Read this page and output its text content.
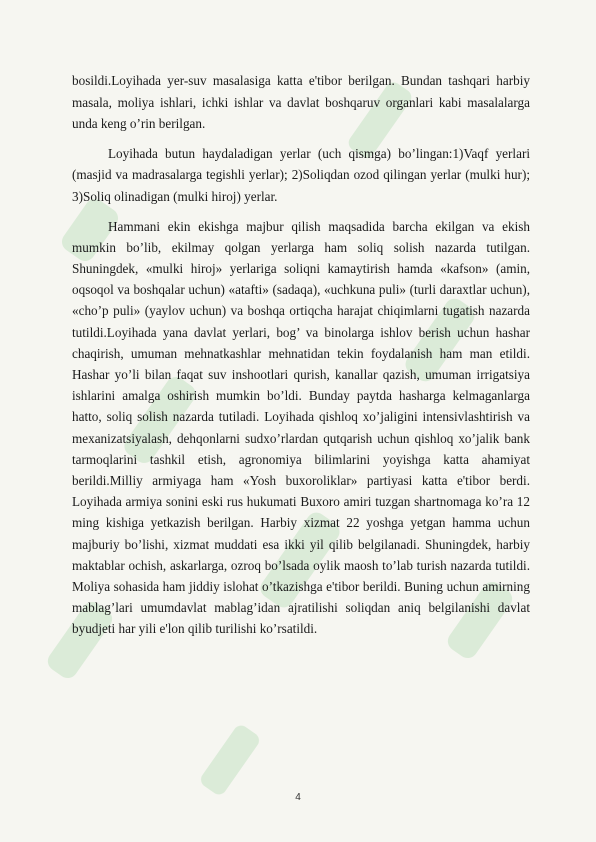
bosildi.Loyihada yer-suv masalasiga katta e'tibor berilgan. Bundan tashqari harbiy masala, moliya ishlari, ichki ishlar va davlat boshqaruv organlari kabi masalalarga unda keng o’rin berilgan.

Loyihada butun haydaladigan yerlar (uch qismga) bo’lingan:1)Vaqf yerlari (masjid va madrasalarga tegishli yerlar); 2)Soliqdan ozod qilingan yerlar (mulki hur); 3)Soliq olinadigan (mulki hiroj) yerlar.

Hammani ekin ekishga majbur qilish maqsadida barcha ekilgan va ekish mumkin bo’lib, ekilmay qolgan yerlarga ham soliq solish nazarda tutilgan. Shuningdek, «mulki hiroj» yerlariga soliqni kamaytirish hamda «kafson» (amin, oqsoqol va boshqalar uchun) «atafti» (sadaqa), «uchkuna puli» (turli daraxtlar uchun), «cho’p puli» (yaylov uchun) va boshqa ortiqcha harajat chiqimlarni tugatish nazarda tutildi.Loyihada yana davlat yerlari, bog’ va binolarga ishlov berish uchun hashar chaqirish, umuman mehnatkashlar mehnatidan tekin foydalanish ham man etildi. Hashar yo’li bilan faqat suv inshootlari qurish, kanallar qazish, umuman irrigatsiya ishlarini amalga oshirish mumkin bo’ldi. Bunday paytda hasharga kelmaganlarga hatto, soliq solish nazarda tutiladi. Loyihada qishloq xo’jaligini intensivlashtirish va mexanizatsiyalash, dehqonlarni sudxo’rlardan qutqarish uchun qishloq xo’jalik bank tarmoqlarini tashkil etish, agronomiya bilimlarini yoyishga katta ahamiyat berildi.Milliy armiyaga ham «Yosh buxoroliklar» partiyasi katta e'tibor berdi. Loyihada armiya sonini eski rus hukumati Buxoro amiri tuzgan shartnomaga ko’ra 12 ming kishiga yetkazish berilgan. Harbiy xizmat 22 yoshga yetgan hamma uchun majburiy bo’lishi, xizmat muddati esa ikki yil qilib belgilanadi. Shuningdek, harbiy maktablar ochish, askarlarga, ozroq bo’lsada oylik maosh to’lab turish nazarda tutildi. Moliya sohasida ham jiddiy islohat o’tkazishga e'tibor berildi. Buning uchun amirning mablag’lari umumdavlat mablag’idan ajratilishi soliqdan aniq belgilanishi davlat byudjeti har yili e'lon qilib turilishi ko’rsatildi.

4
